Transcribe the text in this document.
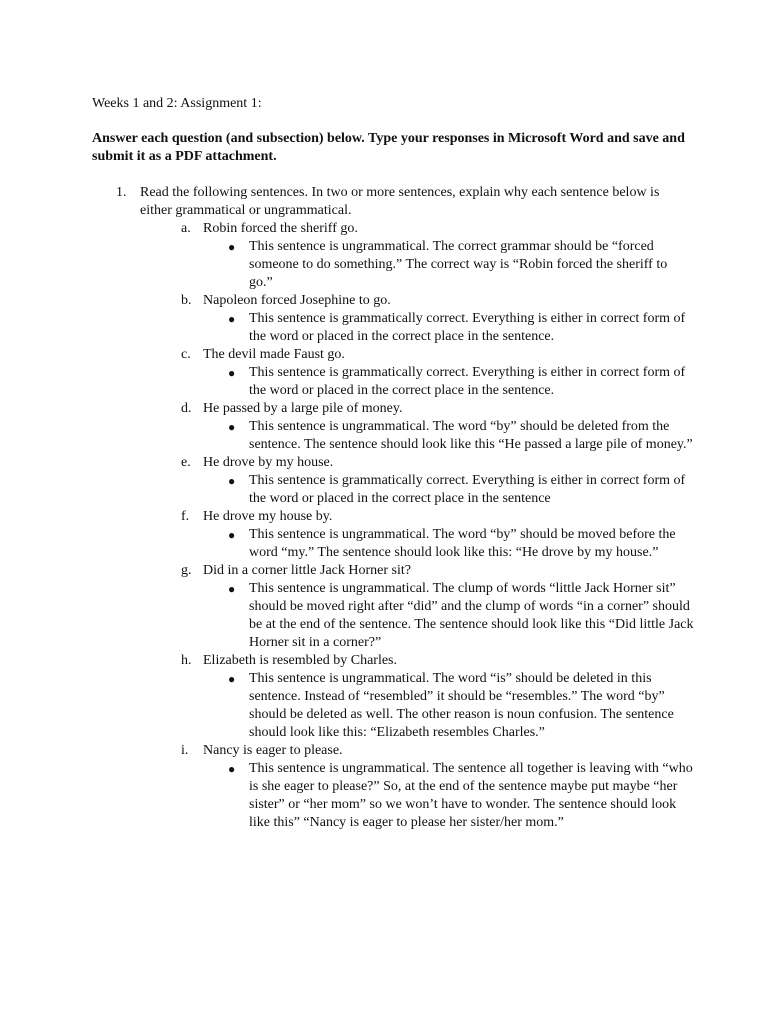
Weeks 1 and 2: Assignment 1:
Answer each question (and subsection) below. Type your responses in Microsoft Word and save and submit it as a PDF attachment.
1. Read the following sentences. In two or more sentences, explain why each sentence below is either grammatical or ungrammatical.
a. Robin forced the sheriff go.
● This sentence is ungrammatical. The correct grammar should be “forced someone to do something.” The correct way is “Robin forced the sheriff to go.”
b. Napoleon forced Josephine to go.
● This sentence is grammatically correct. Everything is either in correct form of the word or placed in the correct place in the sentence.
c. The devil made Faust go.
● This sentence is grammatically correct. Everything is either in correct form of the word or placed in the correct place in the sentence.
d. He passed by a large pile of money.
● This sentence is ungrammatical. The word “by” should be deleted from the sentence. The sentence should look like this “He passed a large pile of money.”
e. He drove by my house.
● This sentence is grammatically correct. Everything is either in correct form of the word or placed in the correct place in the sentence
f. He drove my house by.
● This sentence is ungrammatical. The word “by” should be moved before the word “my.” The sentence should look like this: “He drove by my house.”
g. Did in a corner little Jack Horner sit?
● This sentence is ungrammatical. The clump of words “little Jack Horner sit” should be moved right after “did” and the clump of words “in a corner” should be at the end of the sentence. The sentence should look like this “Did little Jack Horner sit in a corner?”
h. Elizabeth is resembled by Charles.
● This sentence is ungrammatical. The word “is” should be deleted in this sentence. Instead of “resembled” it should be “resembles.” The word “by” should be deleted as well. The other reason is noun confusion. The sentence should look like this: “Elizabeth resembles Charles.”
i. Nancy is eager to please.
● This sentence is ungrammatical. The sentence all together is leaving with “who is she eager to please?” So, at the end of the sentence maybe put maybe “her sister” or “her mom” so we won’t have to wonder. The sentence should look like this” “Nancy is eager to please her sister/her mom.”
